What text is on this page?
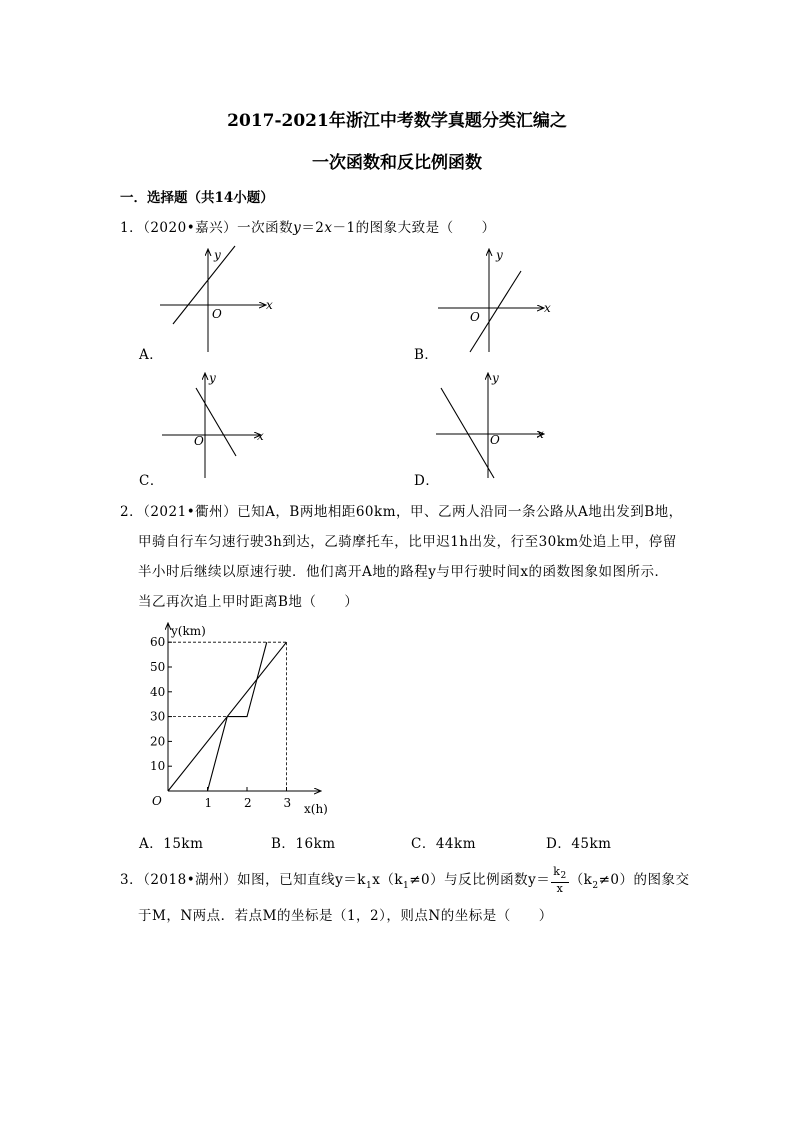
2017-2021年浙江中考数学真题分类汇编之
一次函数和反比例函数
一．选择题（共14小题）
1．（2020•嘉兴）一次函数y＝2x－1的图象大致是（　　）
x
y
O
A．
x
y
O
B．
x
y
O
C．
x
y
O
D．
2．（2021•衢州）已知A，B两地相距60km，甲、乙两人沿同一条公路从A地出发到B地，
甲骑自行车匀速行驶3h到达，乙骑摩托车，比甲迟1h出发，行至30km处追上甲，停留
半小时后继续以原速行驶．他们离开A地的路程y与甲行驶时间x的函数图象如图所示．
当乙再次追上甲时距离B地（　　）
60
50
40
30
20
10
1	2	3
y(km)
x(h)
O
A．15km	B．16km	C．44km	D．45km
3．（2018•湖州）如图，已知直线$y=k_1x(k_1\ne 0)$与反比例函数$y= \frac{k_2}{x} (k_2\ne 0)$的图象交
于M，N两点．若点M的坐标是（1，2），则点N的坐标是（　　）
